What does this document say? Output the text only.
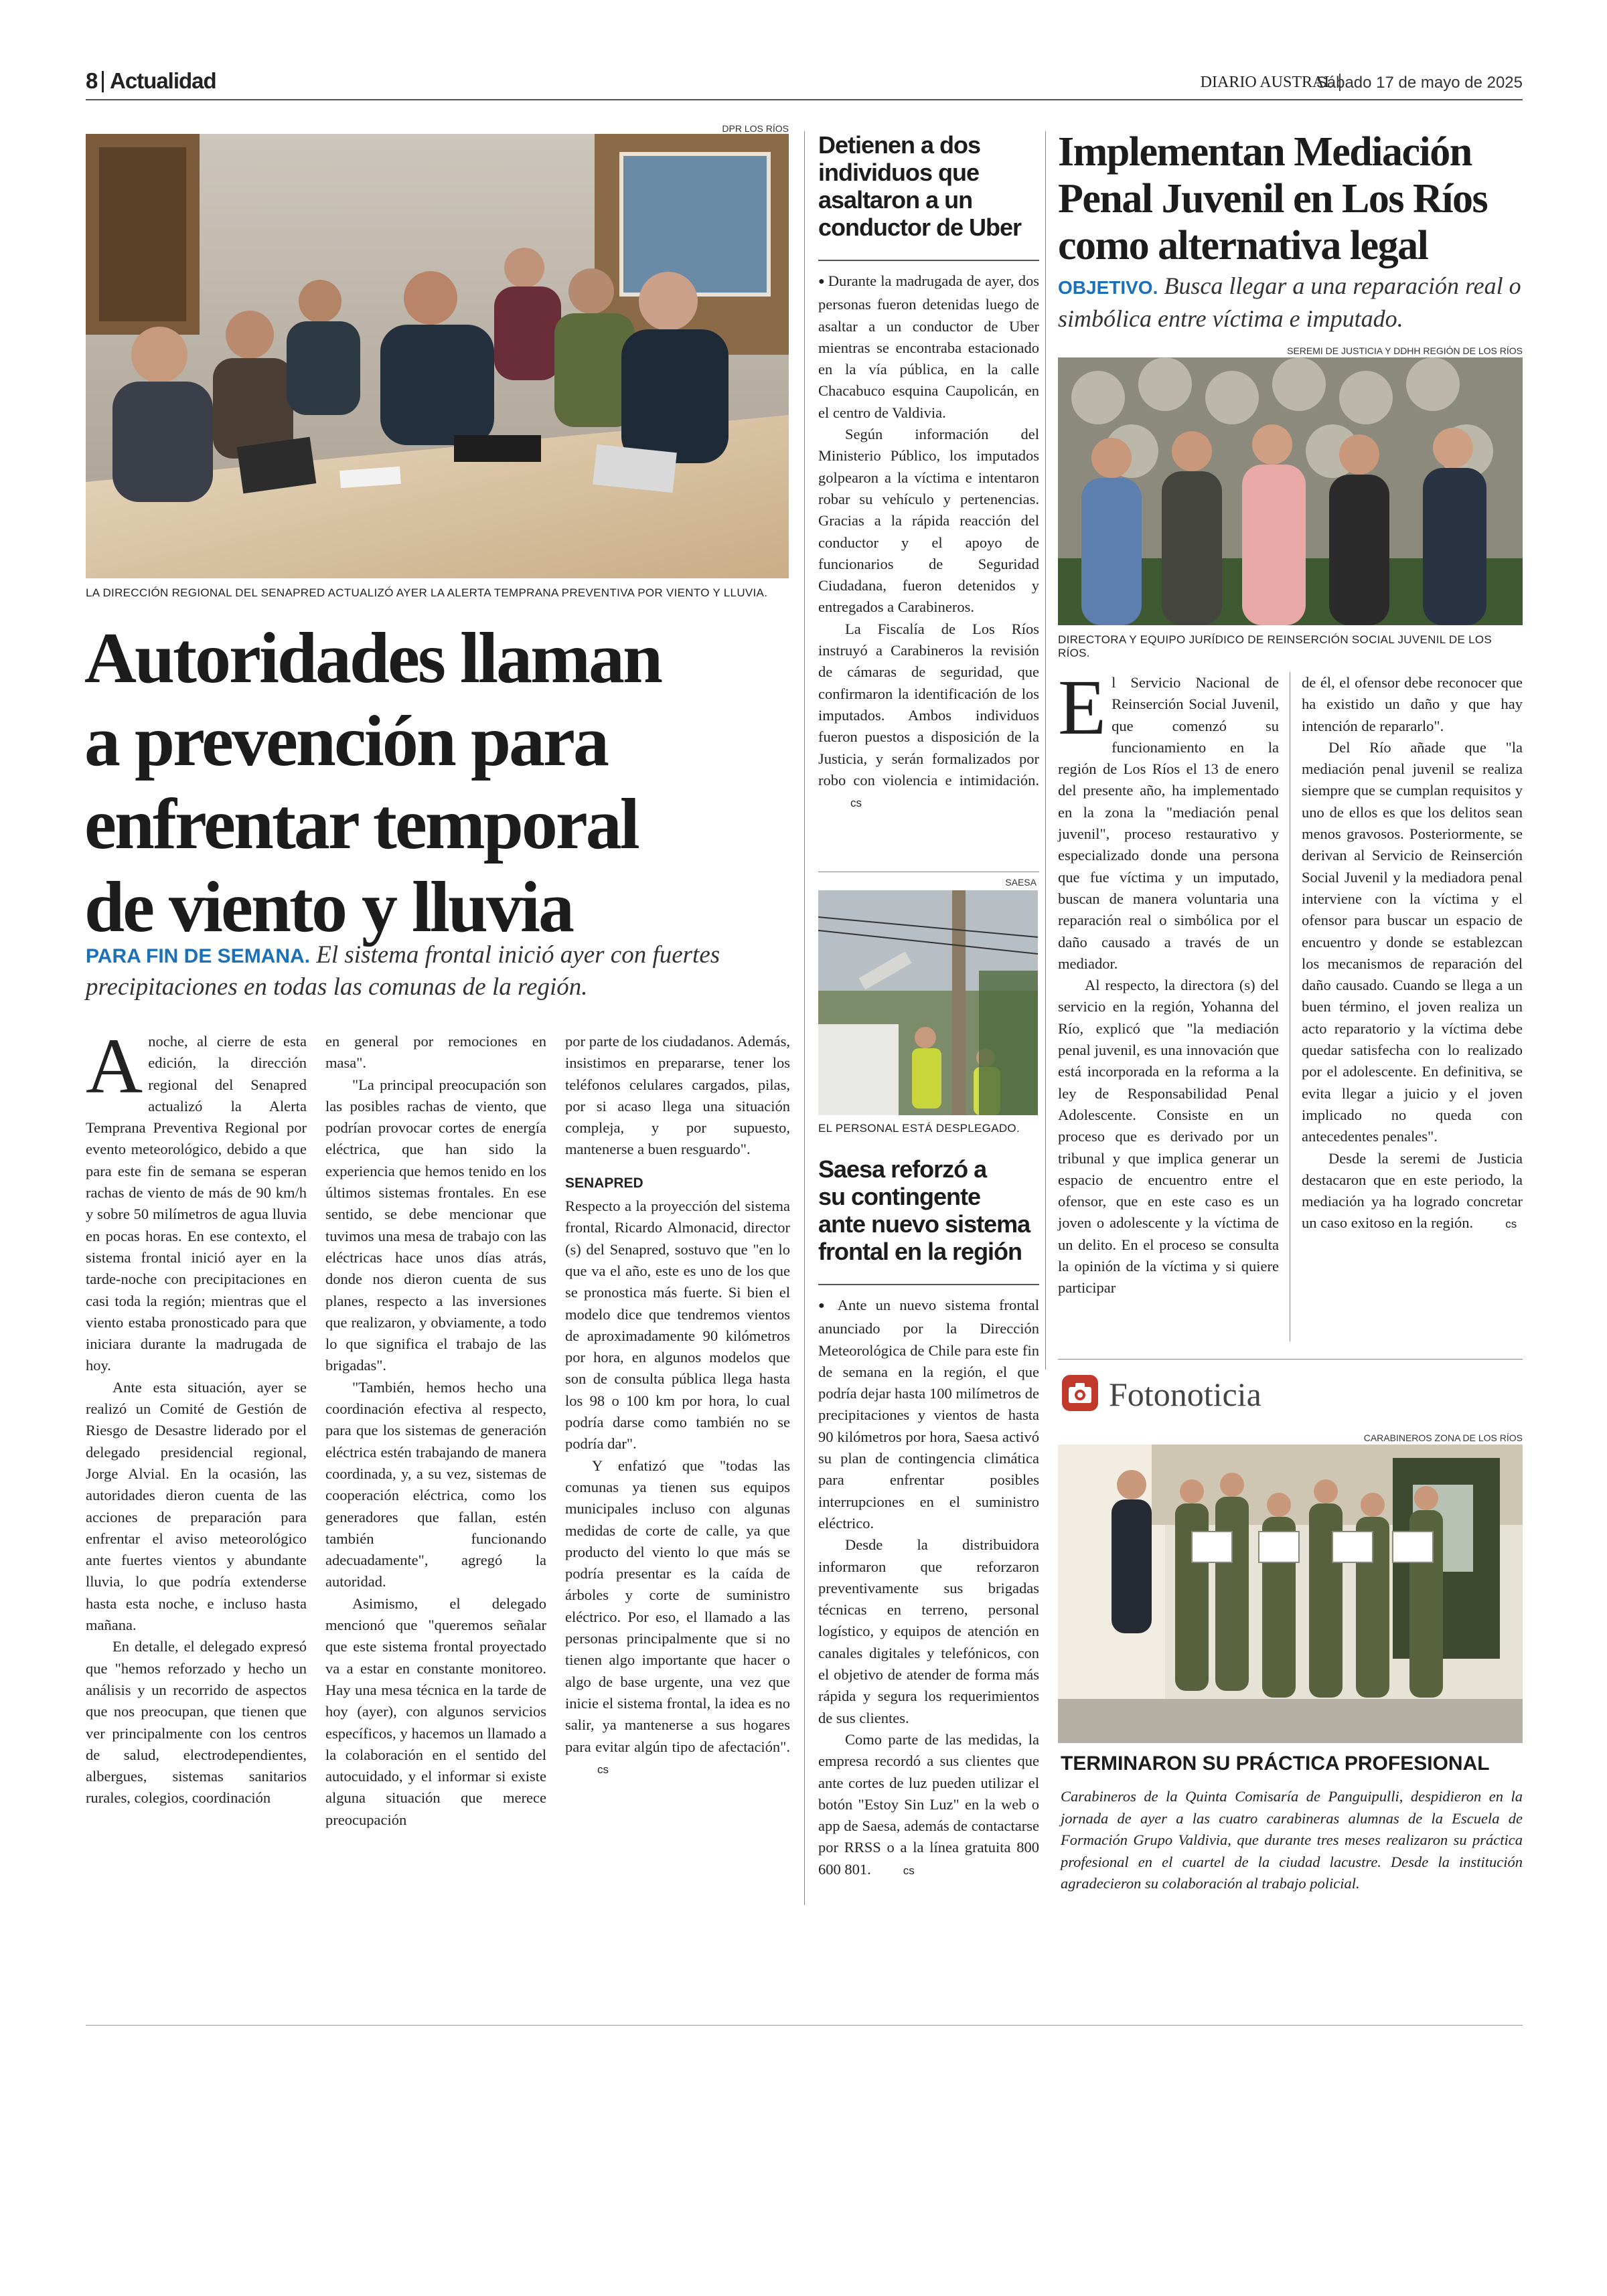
8 Actualidad	DIARIO AUSTRAL
Sábado 17 de mayo de 2025
DPR LOS RÍOS
LA DIRECCIÓN REGIONAL DEL SENAPRED ACTUALIZÓ AYER LA ALERTA TEMPRANA PREVENTIVA POR VIENTO Y LLUVIA.
Autoridades llaman
a prevención para
enfrentar temporal
de viento y lluvia
PARA FIN DE SEMANA. El sistema frontal inició ayer con fuertes precipitaciones en todas las comunas de la región.
A noche, al cierre de esta edición, la dirección regional del Senapred actualizó la Alerta Temprana Preventiva Regional por evento meteorológico, debido a que para este fin de semana se esperan rachas de viento de más de 90 km/h y sobre 50 milímetros de agua lluvia en pocas horas. En ese contexto, el sistema frontal inició ayer en la tarde-noche con precipitaciones en casi toda la región; mientras que el viento estaba pronosticado para que iniciara durante la madrugada de hoy.

Ante esta situación, ayer se realizó un Comité de Gestión de Riesgo de Desastre liderado por el delegado presidencial regional, Jorge Alvial. En la ocasión, las autoridades dieron cuenta de las acciones de preparación para enfrentar el aviso meteorológico ante fuertes vientos y abundante lluvia, lo que podría extenderse hasta esta noche, e incluso hasta mañana.

En detalle, el delegado expresó que "hemos reforzado y hecho un análisis y un recorrido de aspectos que nos preocupan, que tienen que ver principalmente con los centros de salud, electrodependientes, albergues, sistemas sanitarios rurales, colegios, coordinación

en general por remociones en masa".

"La principal preocupación son las posibles rachas de viento, que podrían provocar cortes de energía eléctrica, que han sido la experiencia que hemos tenido en los últimos sistemas frontales. En ese sentido, se debe mencionar que tuvimos una mesa de trabajo con las eléctricas hace unos días atrás, donde nos dieron cuenta de sus planes, respecto a las inversiones que realizaron, y obviamente, a todo lo que significa el trabajo de las brigadas".

"También, hemos hecho una coordinación efectiva al respecto, para que los sistemas de generación eléctrica estén trabajando de manera coordinada, y, a su vez, sistemas de cooperación eléctrica, como los generadores que fallan, estén también funcionando adecuadamente", agregó la autoridad.

Asimismo, el delegado mencionó que "queremos señalar que este sistema frontal proyectado va a estar en constante monitoreo. Hay una mesa técnica en la tarde de hoy (ayer), con algunos servicios específicos, y hacemos un llamado a la colaboración en el sentido del autocuidado, y el informar si existe alguna situación que merece preocupación

por parte de los ciudadanos. Además, insistimos en prepararse, tener los teléfonos celulares cargados, pilas, por si acaso llega una situación compleja, y por supuesto, mantenerse a buen resguardo".

SENAPRED

Respecto a la proyección del sistema frontal, Ricardo Almonacid, director (s) del Senapred, sostuvo que "en lo que va el año, este es uno de los que se pronostica más fuerte. Si bien el modelo dice que tendremos vientos de aproximadamente 90 kilómetros por hora, en algunos modelos que son de consulta pública llega hasta los 98 o 100 km por hora, lo cual podría darse como también no se podría dar".

Y enfatizó que "todas las comunas ya tienen sus equipos municipales incluso con algunas medidas de corte de calle, ya que producto del viento lo que más se podría presentar es la caída de árboles y corte de suministro eléctrico. Por eso, el llamado a las personas principalmente que si no tienen algo importante que hacer o algo de base urgente, una vez que inicie el sistema frontal, la idea es no salir, ya mantenerse a sus hogares para evitar algún tipo de afectación".cs

Detienen a dos
individuos que
asaltaron a un
conductor de Uber

● Durante la madrugada de ayer, dos personas fueron detenidas luego de asaltar a un conductor de Uber mientras se encontraba estacionado en la vía pública, en la calle Chacabuco esquina Caupolicán, en el centro de Valdivia.

Según información del Ministerio Público, los imputados golpearon a la víctima e intentaron robar su vehículo y pertenencias. Gracias a la rápida reacción del conductor y el apoyo de funcionarios de Seguridad Ciudadana, fueron detenidos y entregados a Carabineros.

La Fiscalía de Los Ríos instruyó a Carabineros la revisión de cámaras de seguridad, que confirmaron la identificación de los imputados. Ambos individuos fueron puestos a disposición de la Justicia, y serán formalizados por robo con violencia e intimidación.cs

SAESA
EL PERSONAL ESTÁ DESPLEGADO.
Saesa reforzó a
su contingente
ante nuevo sistema
frontal en la región

● Ante un nuevo sistema frontal anunciado por la Dirección Meteorológica de Chile para este fin de semana en la región, el que podría dejar hasta 100 milímetros de precipitaciones y vientos de hasta 90 kilómetros por hora, Saesa activó su plan de contingencia climática para enfrentar posibles interrupciones en el suministro eléctrico.

Desde la distribuidora informaron que reforzaron preventivamente sus brigadas técnicas en terreno, personal logístico, y equipos de atención en canales digitales y telefónicos, con el objetivo de atender de forma más rápida y segura los requerimientos de sus clientes.

Como parte de las medidas, la empresa recordó a sus clientes que ante cortes de luz pueden utilizar el botón "Estoy Sin Luz" en la web o app de Saesa, además de contactarse por RRSS o a la línea gratuita 800 600 801.	cs

Implementan Mediación
Penal Juvenil en Los Ríos
como alternativa legal
OBJETIVO. Busca llegar a una reparación real o simbólica entre víctima e imputado.
SEREMI DE JUSTICIA Y DDHH REGIÓN DE LOS RÍOS
DIRECTORA Y EQUIPO JURÍDICO DE REINSERCIÓN SOCIAL JUVENIL DE LOS RÍOS.
E l Servicio Nacional de Reinserción Social Juvenil, que comenzó su funcionamiento en la región de Los Ríos el 13 de enero del presente año, ha implementado en la zona la "mediación penal juvenil", proceso restaurativo y especializado donde una persona que fue víctima y un imputado, buscan de manera voluntaria una reparación real o simbólica por el daño causado a través de un mediador.

Al respecto, la directora (s) del servicio en la región, Yohanna del Río, explicó que "la mediación penal juvenil, es una innovación que está incorporada en la reforma a la ley de Responsabilidad Penal Adolescente. Consiste en un proceso que es derivado por un tribunal y que implica generar un espacio de encuentro entre el ofensor, que en este caso es un joven o adolescente y la víctima de un delito. En el proceso se consulta la opinión de la víctima y si quiere participar

de él, el ofensor debe reconocer que ha existido un daño y que hay intención de repararlo".

Del Río añade que "la mediación penal juvenil se realiza siempre que se cumplan requisitos y uno de ellos es que los delitos sean menos gravosos. Posteriormente, se derivan al Servicio de Reinserción Social Juvenil y la mediadora penal interviene con la víctima y el ofensor para buscar un espacio de encuentro y donde se establezcan los mecanismos de reparación del daño causado. Cuando se llega a un buen término, el joven realiza un acto reparatorio y la víctima debe quedar satisfecha con lo realizado por el adolescente. En definitiva, se evita llegar a juicio y el joven implicado no queda con antecedentes penales".

Desde la seremi de Justicia destacaron que en este periodo, la mediación ya ha logrado concretar un caso exitoso en la región.	cs

Fotonoticia
CARABINEROS ZONA DE LOS RÍOS
TERMINARON SU PRÁCTICA PROFESIONAL
Carabineros de la Quinta Comisaría de Panguipulli, despidieron en la jornada de ayer a las cuatro carabineras alumnas de la Escuela de Formación Grupo Valdivia, que durante tres meses realizaron su práctica profesional en el cuartel de la ciudad lacustre. Desde la institución agradecieron su colaboración al trabajo policial.
